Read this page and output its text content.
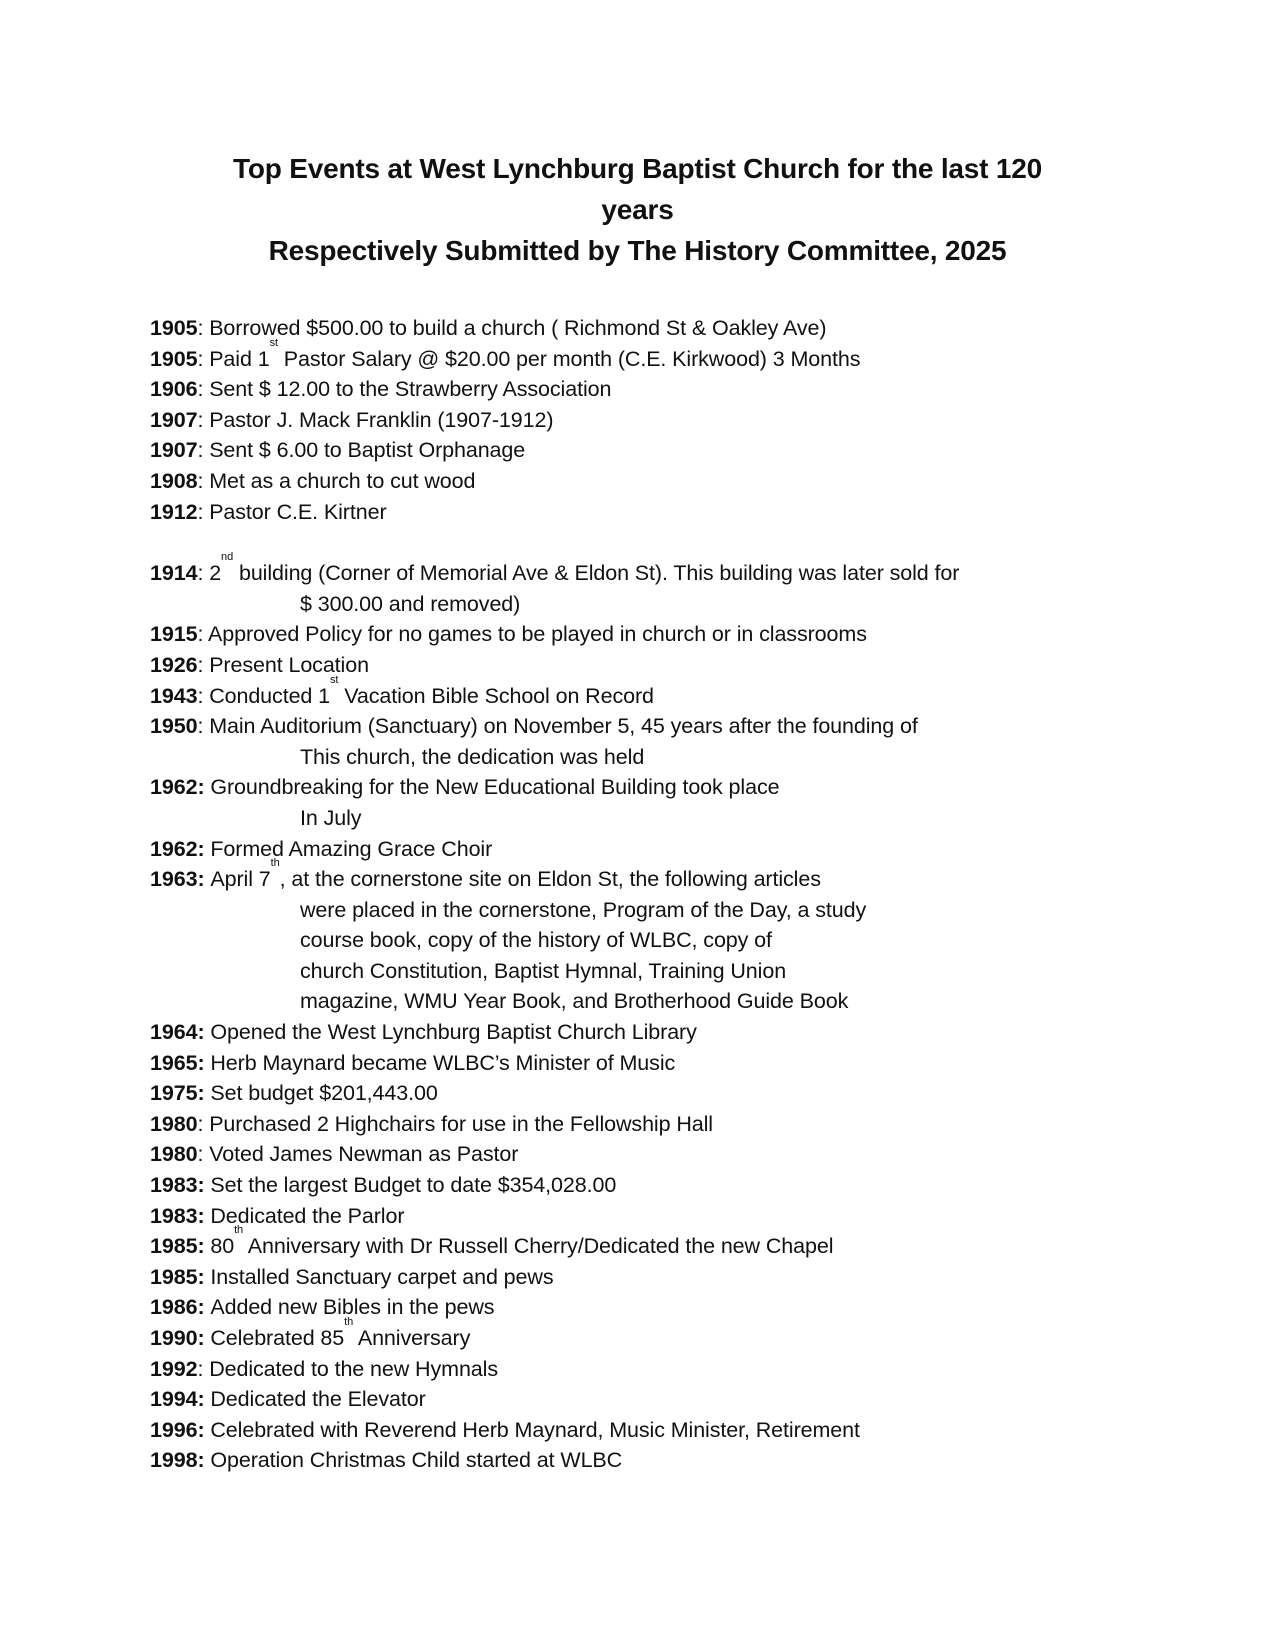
Top Events at West Lynchburg Baptist Church for the last 120
years
Respectively Submitted by The History Committee, 2025
1905: Borrowed $500.00 to build a church ( Richmond St & Oakley Ave)
1905: Paid 1st Pastor Salary @ $20.00 per month (C.E. Kirkwood) 3 Months
1906: Sent $ 12.00 to the Strawberry Association
1907: Pastor J. Mack Franklin (1907-1912)
1907: Sent $ 6.00 to Baptist Orphanage
1908: Met as a church to cut wood
1912: Pastor C.E. Kirtner
1914: 2nd building (Corner of Memorial Ave & Eldon St). This building was later sold for
$ 300.00 and removed)
1915: Approved Policy for no games to be played in church or in classrooms
1926: Present Location
1943: Conducted 1st Vacation Bible School on Record
1950: Main Auditorium (Sanctuary) on November 5, 45 years after the founding of
This church, the dedication was held
1962: Groundbreaking for the New Educational Building took place
In July
1962: Formed Amazing Grace Choir
1963: April 7th, at the cornerstone site on Eldon St, the following articles
were placed in the cornerstone, Program of the Day, a study
course book, copy of the history of WLBC, copy of
church Constitution, Baptist Hymnal, Training Union
magazine, WMU Year Book, and Brotherhood Guide Book
1964: Opened the West Lynchburg Baptist Church Library
1965: Herb Maynard became WLBC’s Minister of Music
1975: Set budget $201,443.00
1980: Purchased 2 Highchairs for use in the Fellowship Hall
1980: Voted James Newman as Pastor
1983: Set the largest Budget to date $354,028.00
1983: Dedicated the Parlor
1985: 80th Anniversary with Dr Russell Cherry/Dedicated the new Chapel
1985: Installed Sanctuary carpet and pews
1986: Added new Bibles in the pews
1990: Celebrated 85th Anniversary
1992: Dedicated to the new Hymnals
1994: Dedicated the Elevator
1996: Celebrated with Reverend Herb Maynard, Music Minister, Retirement
1998: Operation Christmas Child started at WLBC
